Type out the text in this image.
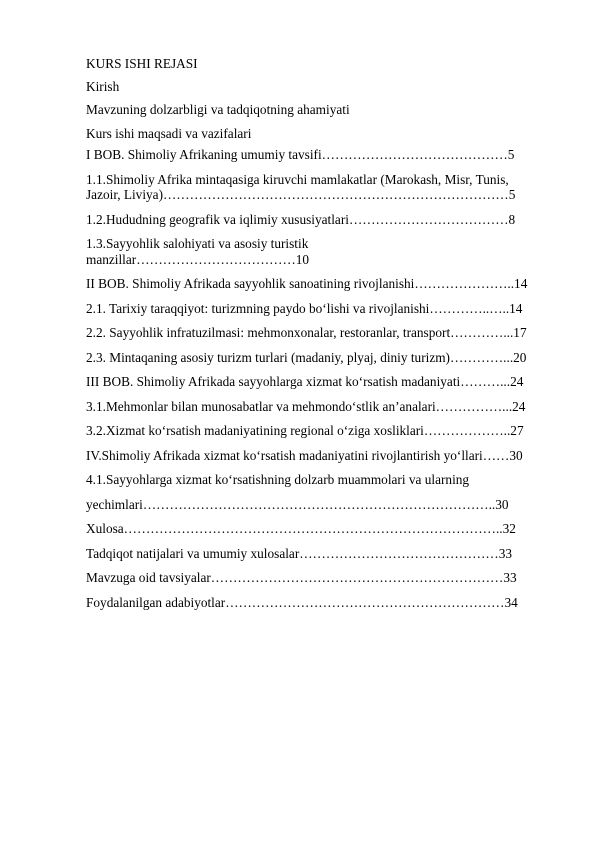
KURS ISHI REJASI

Kirish

Mavzuning dolzarbligi va tadqiqotning ahamiyati

Kurs ishi maqsadi va vazifalari

I BOB. Shimoliy Afrikaning umumiy tavsifi……………………………………5

1.1.Shimoliy Afrika mintaqasiga kiruvchi mamlakatlar (Marokash, Misr, Tunis,

Jazoir, Liviya)……………………………………………………………………5

1.2.Hududning geografik va iqlimiy xususiyatlari………………………………8

1.3.Sayyohlik salohiyati va asosiy turistik

manzillar………………………………10

II BOB. Shimoliy Afrikada sayyohlik sanoatining rivojlanishi…………………..14

2.1. Tarixiy taraqqiyot: turizmning paydo bo‘lishi va rivojlanishi…………..…..14

2.2. Sayyohlik infratuzilmasi: mehmonxonalar, restoranlar, transport…………...17

2.3. Mintaqaning asosiy turizm turlari (madaniy, plyaj, diniy turizm)…………...20

III BOB. Shimoliy Afrikada sayyohlarga xizmat ko‘rsatish madaniyati………...24

3.1.Mehmonlar bilan munosabatlar va mehmondo‘stlik an’analari……………...24

3.2.Xizmat ko‘rsatish madaniyatining regional o‘ziga xosliklari………………..27

IV.Shimoliy Afrikada xizmat ko‘rsatish madaniyatini rivojlantirish yo‘llari……30

4.1.Sayyohlarga xizmat ko‘rsatishning dolzarb muammolari va ularning

yechimlari……………………………………………………………………..30

Xulosa…………………………………………………………………………..32

Tadqiqot natijalari va umumiy xulosalar………………………………………33

Mavzuga oid tavsiyalar…………………………………………………………33

Foydalanilgan adabiyotlar………………………………………………………34
